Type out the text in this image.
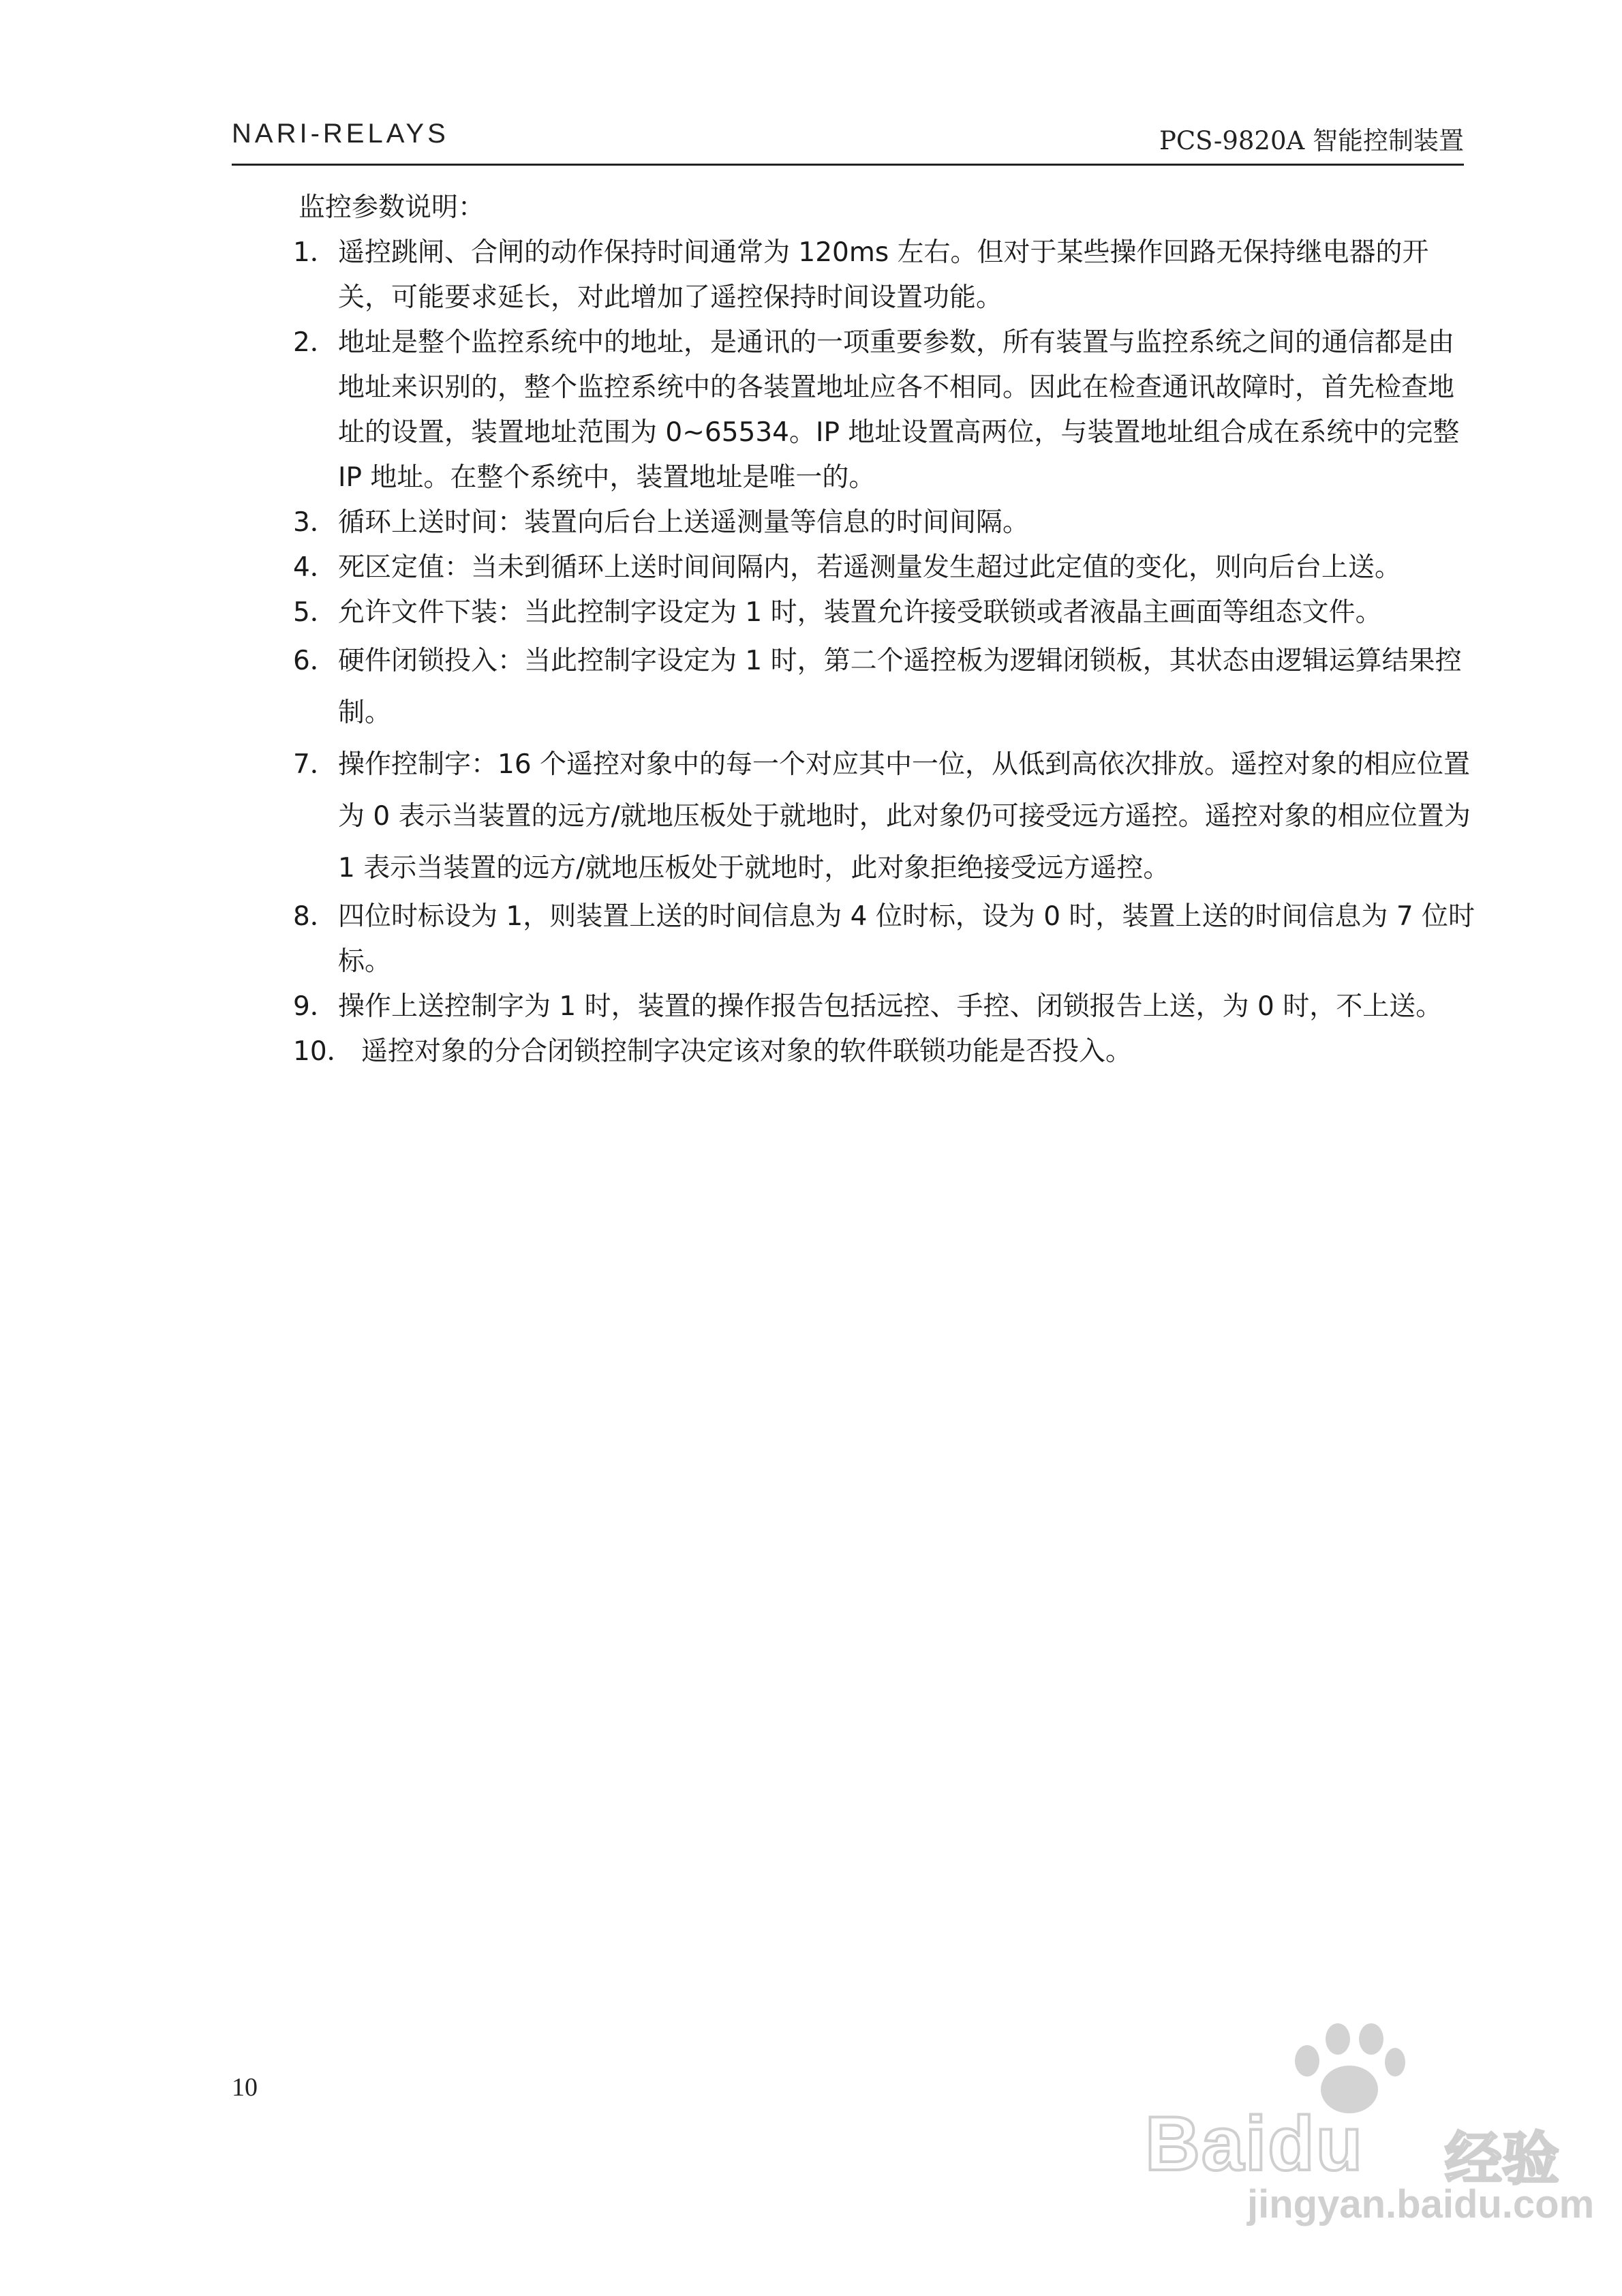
NARI-RELAYS	PCS-9820A 智能控制装置
监控参数说明：
1． 遥控跳闸、合闸的动作保持时间通常为 120ms 左右。但对于某些操作回路无保持继电器的开关，可能要求延长，对此增加了遥控保持时间设置功能。
2． 地址是整个监控系统中的地址，是通讯的一项重要参数，所有装置与监控系统之间的通信都是由地址来识别的，整个监控系统中的各装置地址应各不相同。因此在检查通讯故障时，首先检查地址的设置，装置地址范围为 0~65534。IP 地址设置高两位，与装置地址组合成在系统中的完整 IP 地址。在整个系统中，装置地址是唯一的。
3． 循环上送时间：装置向后台上送遥测量等信息的时间间隔。
4． 死区定值：当未到循环上送时间间隔内，若遥测量发生超过此定值的变化，则向后台上送。
5． 允许文件下装：当此控制字设定为 1 时，装置允许接受联锁或者液晶主画面等组态文件。
6． 硬件闭锁投入：当此控制字设定为 1 时，第二个遥控板为逻辑闭锁板，其状态由逻辑运算结果控制。
7． 操作控制字：16 个遥控对象中的每一个对应其中一位，从低到高依次排放。遥控对象的相应位置为 0 表示当装置的远方/就地压板处于就地时，此对象仍可接受远方遥控。遥控对象的相应位置为 1 表示当装置的远方/就地压板处于就地时，此对象拒绝接受远方遥控。
8． 四位时标设为 1，则装置上送的时间信息为 4 位时标，设为 0 时，装置上送的时间信息为 7 位时标。
9． 操作上送控制字为 1 时，装置的操作报告包括远控、手控、闭锁报告上送，为 0 时，不上送。
10． 遥控对象的分合闭锁控制字决定该对象的软件联锁功能是否投入。
10
Baidu 经验
jingyan.baidu.com
